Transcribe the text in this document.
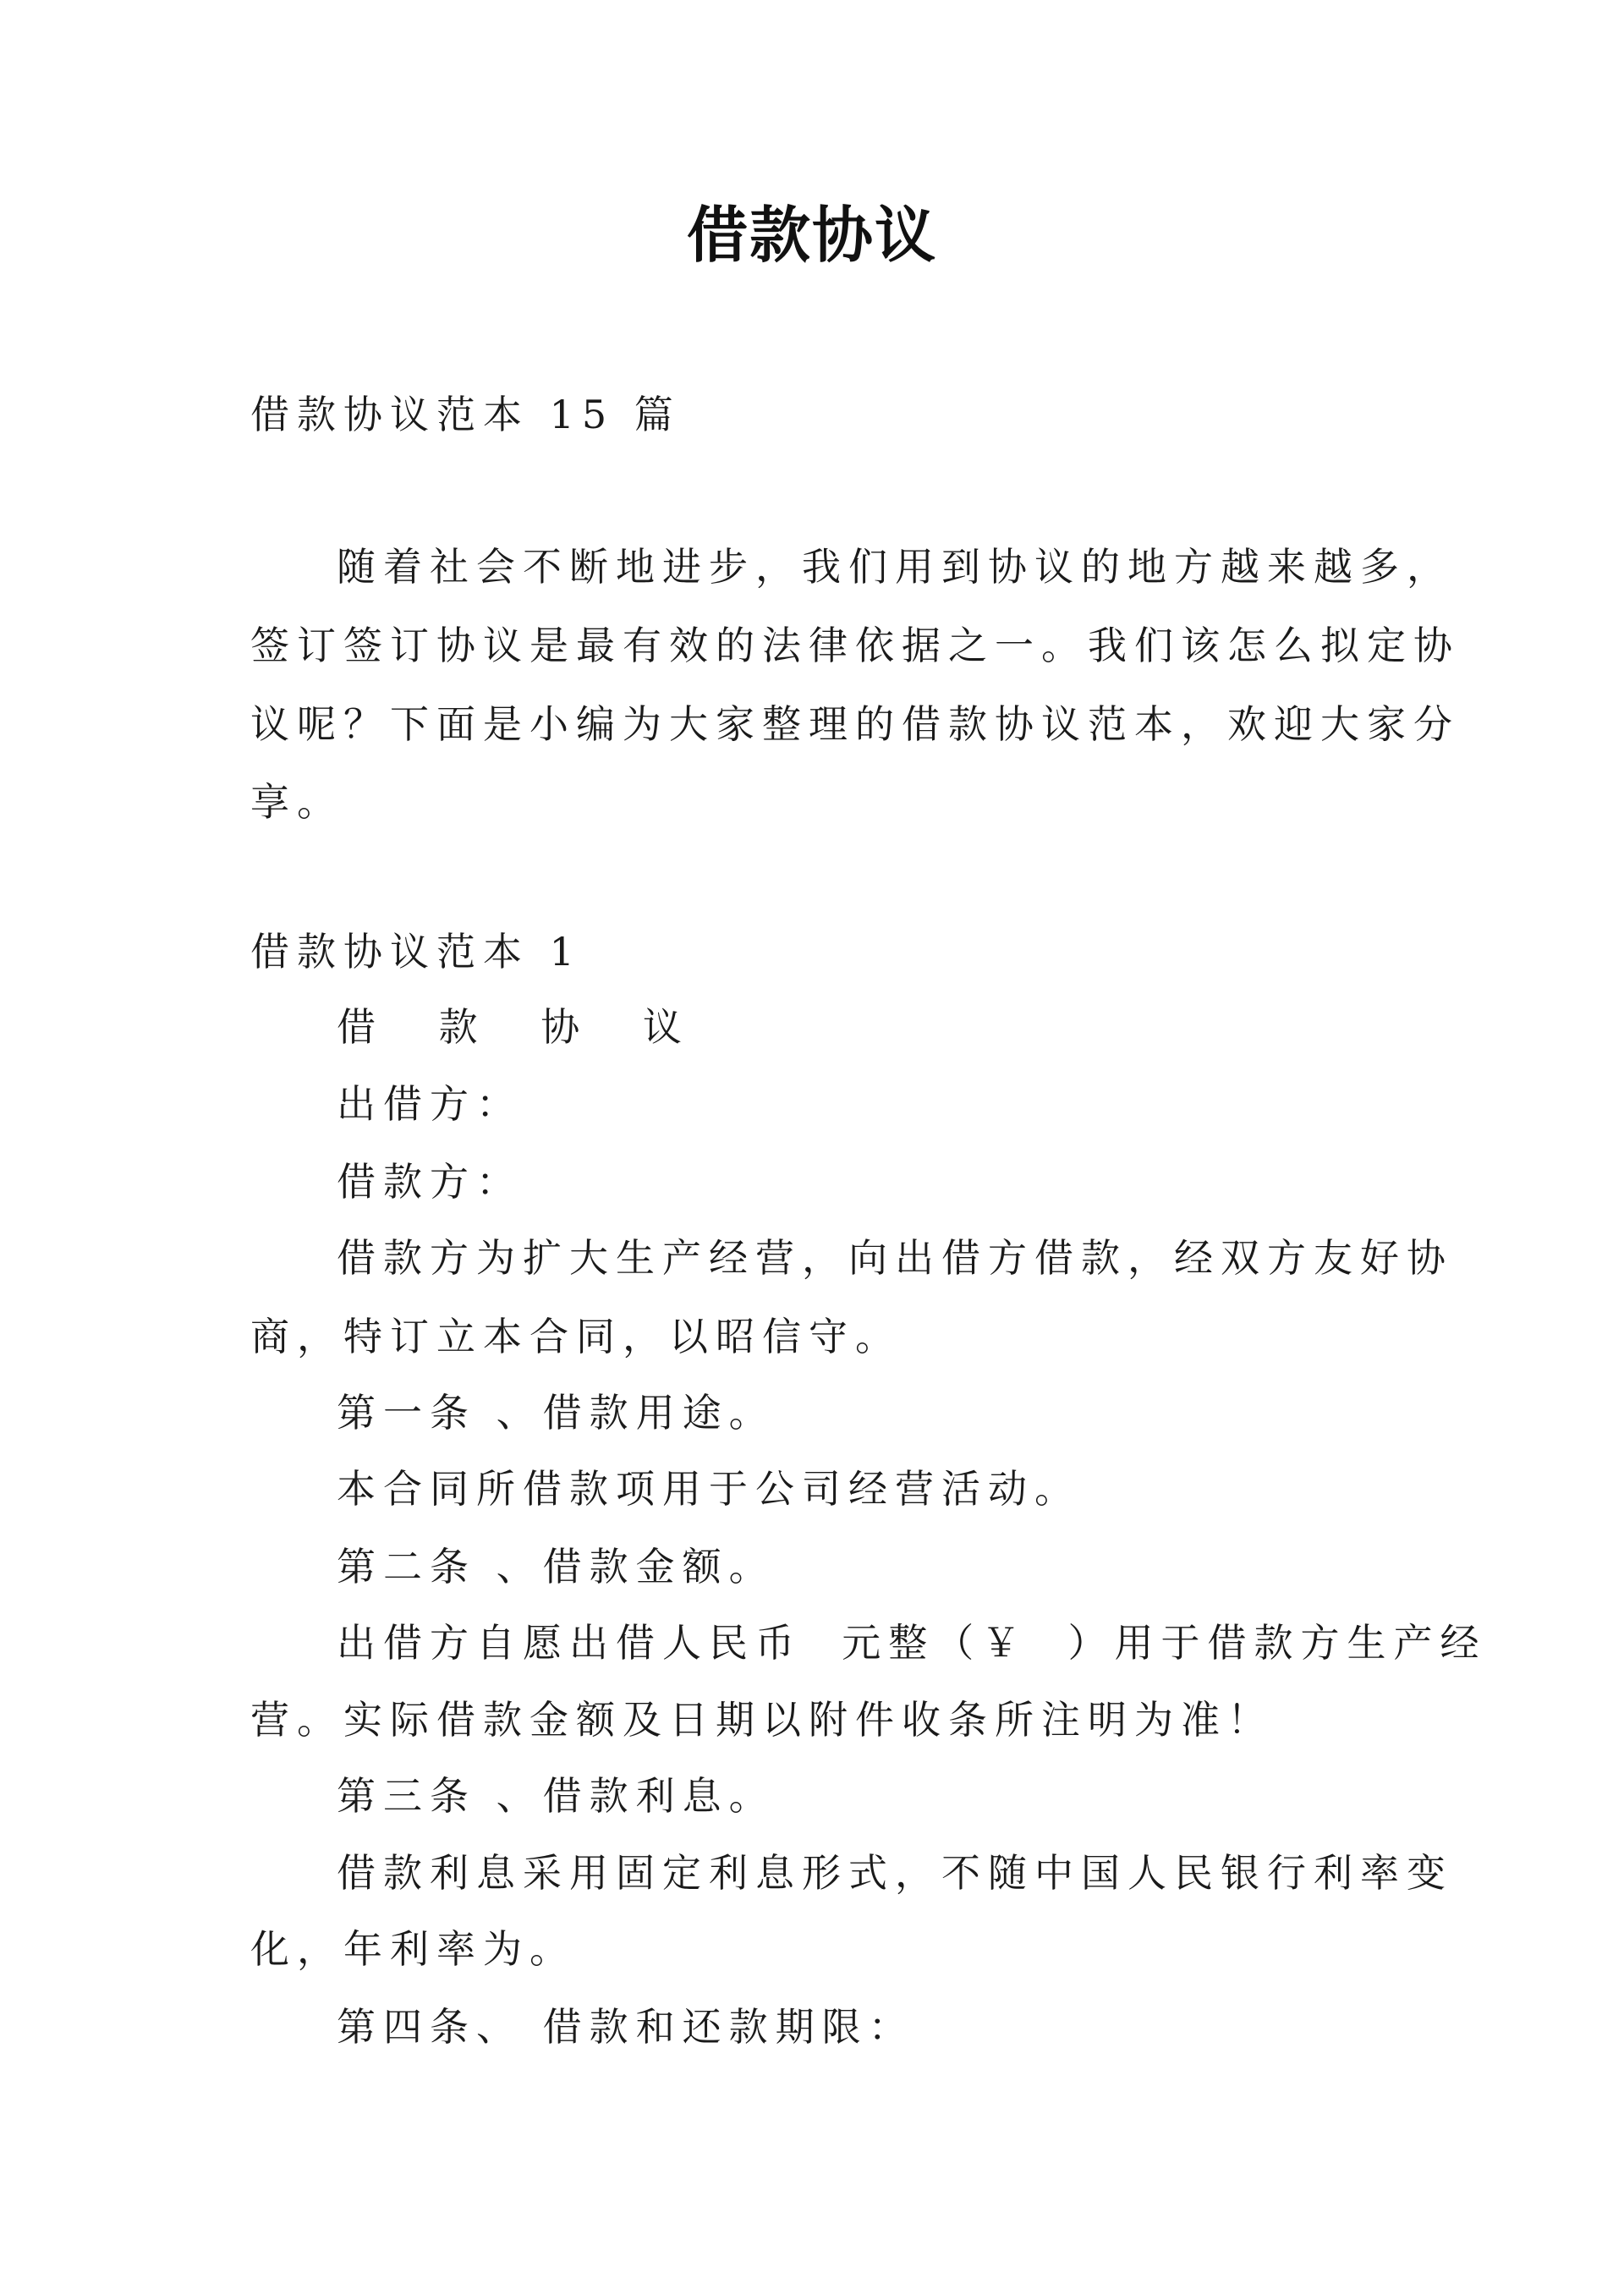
借款协议
借款协议范本 15 篇
随着社会不断地进步，我们用到协议的地方越来越多，
签订签订协议是最有效的法律依据之一。我们该怎么拟定协
议呢？下面是小编为大家整理的借款协议范本，欢迎大家分
享。
借款协议范本 1
借 款 协 议
出借方：
借款方：
借款方为扩大生产经营，向出借方借款，经双方友好协
商，特订立本合同，以昭信守。
第一条 、借款用途。
本合同所借款项用于公司经营活动。
第二条 、借款金额。
出借方自愿出借人民币  元整（￥  ）用于借款方生产经
营。实际借款金额及日期以附件收条所注明为准！
第三条 、借款利息。
借款利息采用固定利息形式，不随中国人民银行利率变
化，年利率为。
第四条、 借款和还款期限：
